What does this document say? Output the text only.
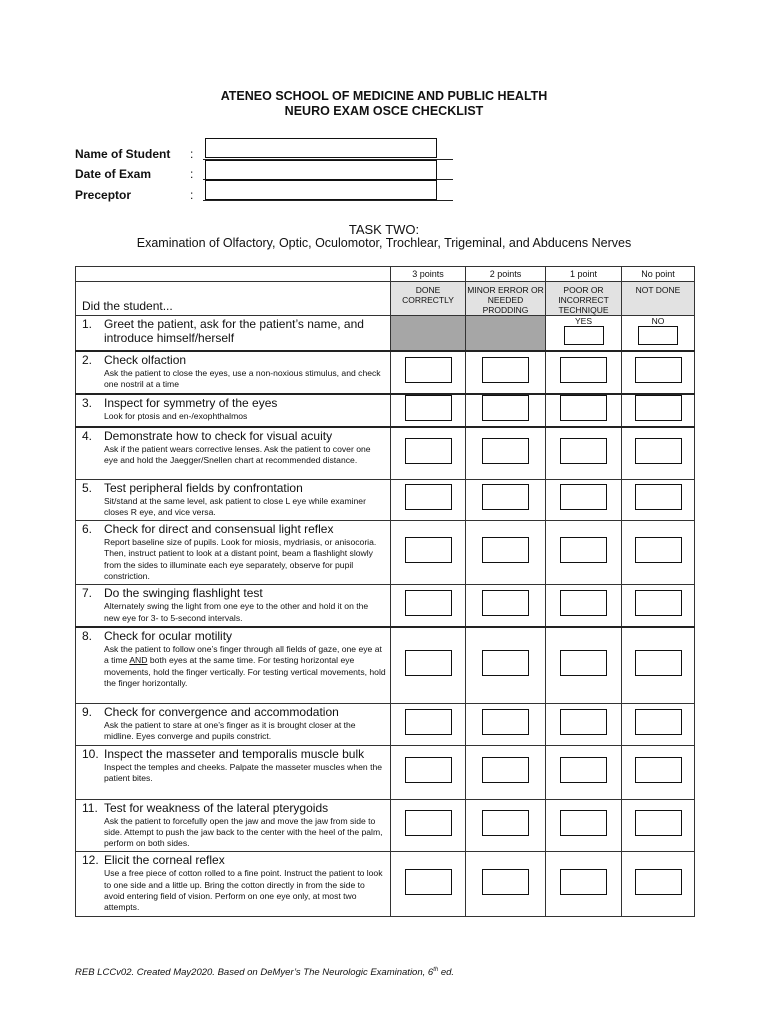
ATENEO SCHOOL OF MEDICINE AND PUBLIC HEALTH
NEURO EXAM OSCE CHECKLIST
Name of Student :
Date of Exam	:
Preceptor	:
TASK TWO:
Examination of Olfactory, Optic, Oculomotor, Trochlear, Trigeminal, and Abducens Nerves
	3 points	2 points	1 point	No point

Did the student...	DONE CORRECTLY	MINOR ERROR OR NEEDED PRODDING	POOR OR INCORRECT TECHNIQUE	NOT DONE

1. Greet the patient, ask for the patient’s name, and introduce himself/herself			YES	NO

2. Check olfaction
Ask the patient to close the eyes, use a non-noxious stimulus, and check one nostril at a time				

3. Inspect for symmetry of the eyes
Look for ptosis and en-/exophthalmos				

4. Demonstrate how to check for visual acuity
Ask if the patient wears corrective lenses. Ask the patient to cover one eye and hold the Jaegger/Snellen chart at recommended distance.				

5. Test peripheral fields by confrontation
Sit/stand at the same level, ask patient to close L eye while examiner closes R eye, and vice versa.				

6. Check for direct and consensual light reflex
Report baseline size of pupils. Look for miosis, mydriasis, or anisocoria. Then, instruct patient to look at a distant point, beam a flashlight slowly from the sides to illuminate each eye separately, observe for pupil constriction.				

7. Do the swinging flashlight test
Alternately swing the light from one eye to the other and hold it on the new eye for 3- to 5-second intervals.				

8. Check for ocular motility
Ask the patient to follow one’s finger through all fields of gaze, one eye at a time AND both eyes at the same time. For testing horizontal eye movements, hold the finger vertically. For testing vertical movements, hold the finger horizontally.				

9. Check for convergence and accommodation
Ask the patient to stare at one’s finger as it is brought closer at the midline. Eyes converge and pupils constrict.				

10. Inspect the masseter and temporalis muscle bulk
Inspect the temples and cheeks. Palpate the masseter muscles when the patient bites.				

11. Test for weakness of the lateral pterygoids
Ask the patient to forcefully open the jaw and move the jaw from side to side. Attempt to push the jaw back to the center with the heel of the palm, perform on both sides.				

12. Elicit the corneal reflex
Use a free piece of cotton rolled to a fine point. Instruct the patient to look to one side and a little up. Bring the cotton directly in from the side to avoid entering field of vision. Perform on one eye only, at most two attempts.				

REB LCCv02. Created May2020. Based on DeMyer’s The Neurologic Examination, 6th ed.
